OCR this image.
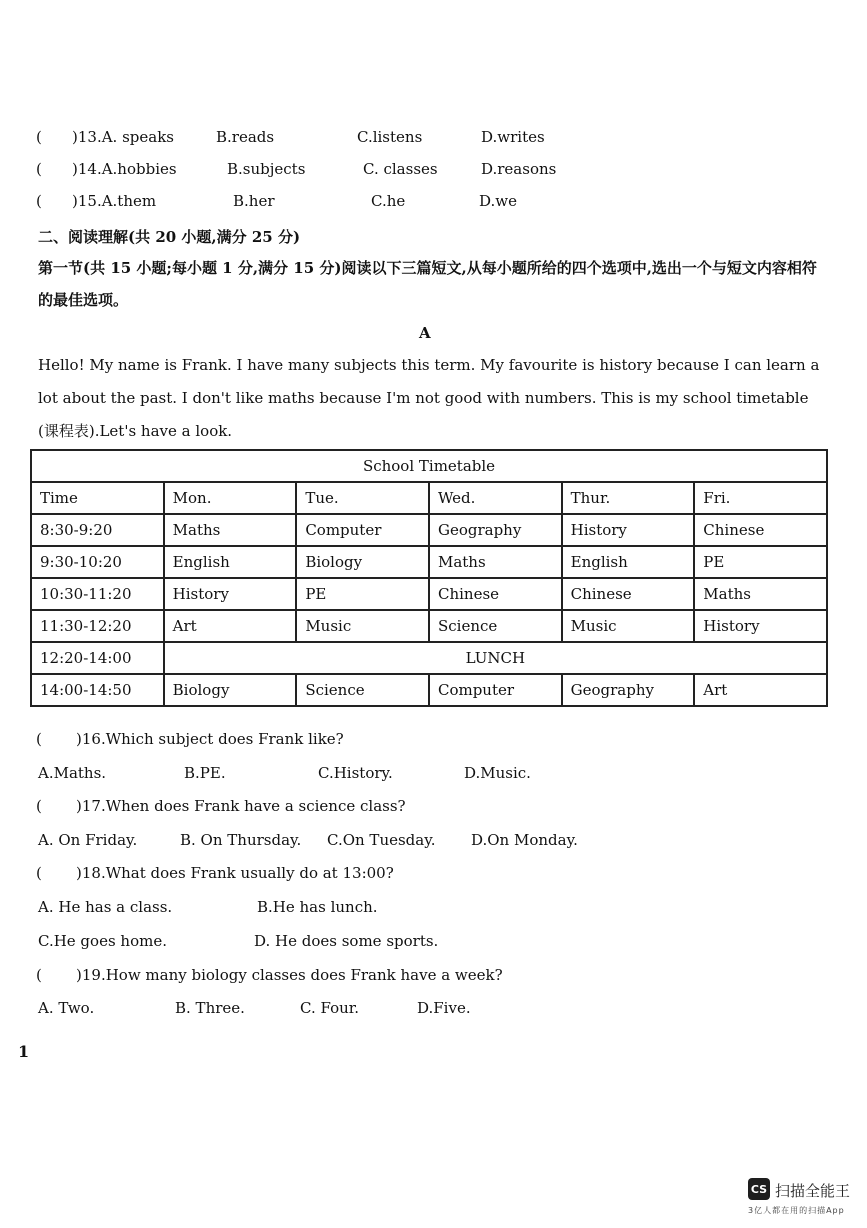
( )13.A. speaks	B.reads	C.listens	D.writes
( )14.A.hobbies	B.subjects	C. classes	D.reasons
( )15.A.them	B.her	C.he	D.we
二、阅读理解(共 20 小题,满分 25 分)
第一节(共 15 小题;每小题 1 分,满分 15 分)阅读以下三篇短文,从每小题所给的四个选项中,选出一个与短文内容相符的最佳选项。
A
Hello! My name is Frank. I have many subjects this term. My favourite is history because I can learn a lot about the past. I don't like maths because I'm not good with numbers. This is my school timetable (课程表).Let's have a look.
School Timetable					
Time	Mon.	Tue.	Wed.	Thur.	Fri.
8:30-9:20	Maths	Computer	Geography	History	Chinese
9:30-10:20	English	Biology	Maths	English	PE
10:30-11:20	History	PE	Chinese	Chinese	Maths
11:30-12:20	Art	Music	Science	Music	History
12:20-14:00	LUNCH				
14:00-14:50	Biology	Science	Computer	Geography	Art
( )16.Which subject does Frank like?
A.Maths.	B.PE.	C.History.	D.Music.
( )17.When does Frank have a science class?
A. On Friday.	B. On Thursday. C.On Tuesday. D.On Monday.
( )18.What does Frank usually do at 13:00?
A. He has a class.	B.He has lunch.
C.He goes home.	D. He does some sports.
( )19.How many biology classes does Frank have a week?
A. Two.	B. Three.	C. Four.	D.Five.
1
CS 扫描全能王
3亿人都在用的扫描App
